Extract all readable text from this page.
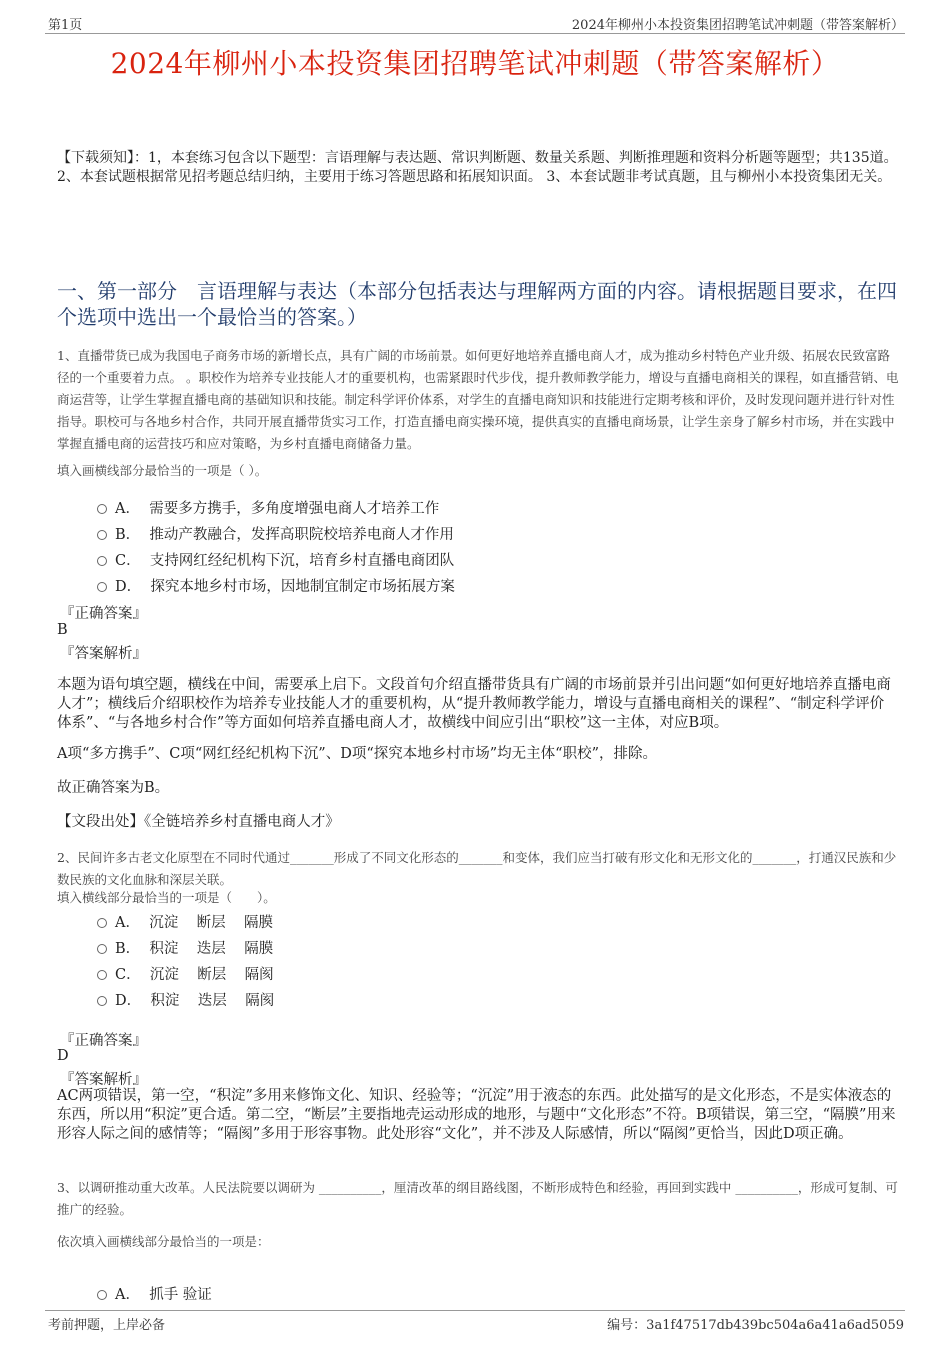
第1页	2024年柳州小本投资集团招聘笔试冲刺题（带答案解析）
2024年柳州小本投资集团招聘笔试冲刺题（带答案解析）
【下载须知】：1，本套练习包含以下题型：言语理解与表达题、常识判断题、数量关系题、判断推理题和资料分析题等题型；共135道。 2、本套试题根据常见招考题总结归纳，主要用于练习答题思路和拓展知识面。 3、本套试题非考试真题，且与柳州小本投资集团无关。
一、第一部分　言语理解与表达（本部分包括表达与理解两方面的内容。请根据题目要求，在四个选项中选出一个最恰当的答案。）
1、直播带货已成为我国电子商务市场的新增长点，具有广阔的市场前景。如何更好地培养直播电商人才，成为推动乡村特色产业升级、拓展农民致富路径的一个重要着力点。 。职校作为培养专业技能人才的重要机构，也需紧跟时代步伐，提升教师教学能力，增设与直播电商相关的课程，如直播营销、电商运营等，让学生掌握直播电商的基础知识和技能。制定科学评价体系，对学生的直播电商知识和技能进行定期考核和评价，及时发现问题并进行针对性指导。职校可与各地乡村合作，共同开展直播带货实习工作，打造直播电商实操环境，提供真实的直播电商场景，让学生亲身了解乡村市场，并在实践中掌握直播电商的运营技巧和应对策略，为乡村直播电商储备力量。
填入画横线部分最恰当的一项是（ ）。
A．  需要多方携手，多角度增强电商人才培养工作
B．  推动产教融合，发挥高职院校培养电商人才作用
C．  支持网红经纪机构下沉，培育乡村直播电商团队
D．  探究本地乡村市场，因地制宜制定市场拓展方案
『正确答案』
B
『答案解析』
本题为语句填空题，横线在中间，需要承上启下。文段首句介绍直播带货具有广阔的市场前景并引出问题“如何更好地培养直播电商人才”；横线后介绍职校作为培养专业技能人才的重要机构，从“提升教师教学能力，增设与直播电商相关的课程”、“制定科学评价体系”、“与各地乡村合作”等方面如何培养直播电商人才，故横线中间应引出“职校”这一主体，对应B项。
A项“多方携手”、C项“网红经纪机构下沉”、D项“探究本地乡村市场”均无主体“职校”，排除。
故正确答案为B。
【文段出处】《全链培养乡村直播电商人才》
2、民间许多古老文化原型在不同时代通过_______形成了不同文化形态的_______和变体，我们应当打破有形文化和无形文化的_______，打通汉民族和少数民族的文化血脉和深层关联。
填入横线部分最恰当的一项是（　　）。
A．  沉淀    断层    隔膜
B．  积淀    迭层    隔膜
C．  沉淀    断层    隔阂
D．  积淀    迭层    隔阂
『正确答案』
D
『答案解析』
AC两项错误，第一空，“积淀”多用来修饰文化、知识、经验等；“沉淀”用于液态的东西。此处描写的是文化形态，不是实体液态的东西，所以用“积淀”更合适。第二空，“断层”主要指地壳运动形成的地形，与题中“文化形态”不符。B项错误，第三空，“隔膜”用来形容人际之间的感情等；“隔阂”多用于形容事物。此处形容“文化”，并不涉及人际感情，所以“隔阂”更恰当，因此D项正确。
3、以调研推动重大改革。人民法院要以调研为 __________，厘清改革的纲目路线图，不断形成特色和经验，再回到实践中 __________，形成可复制、可推广的经验。
依次填入画横线部分最恰当的一项是：
A．  抓手 验证
考前押题，上岸必备	编号：3a1f47517db439bc504a6a41a6ad5059
